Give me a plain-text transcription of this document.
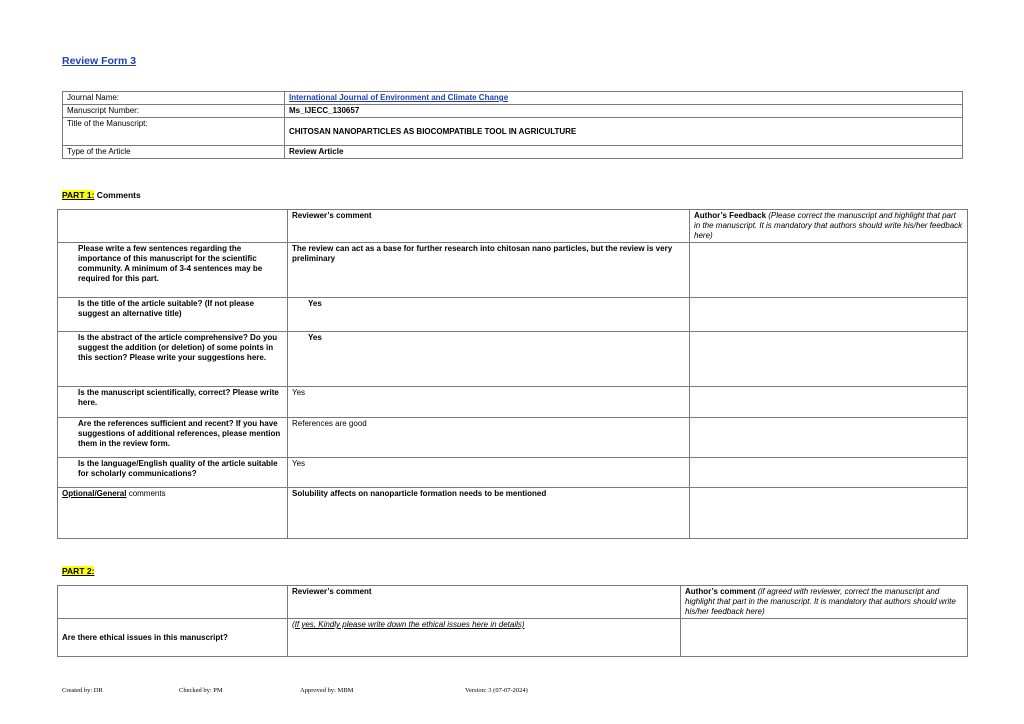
Review Form 3
Journal Name:	International Journal of Environment and Climate Change
Manuscript Number:	Ms_IJECC_130657
Title of the Manuscript:	CHITOSAN NANOPARTICLES AS BIOCOMPATIBLE TOOL IN AGRICULTURE
Type of the Article	Review Article
PART 1: Comments
	Reviewer’s comment	Author’s Feedback (Please correct the manuscript and highlight that part in the manuscript. It is mandatory that authors should write his/her feedback here)
Please write a few sentences regarding the importance of this manuscript for the scientific community. A minimum of 3-4 sentences may be required for this part.	The review can act as a base for further research into chitosan nano particles, but the review is very preliminary	
Is the title of the article suitable? (If not please suggest an alternative title)	Yes	
Is the abstract of the article comprehensive? Do you suggest the addition (or deletion) of some points in this section? Please write your suggestions here.	Yes	
Is the manuscript scientifically, correct? Please write here.	Yes	
Are the references sufficient and recent? If you have suggestions of additional references, please mention them in the review form.	References are good	
Is the language/English quality of the article suitable for scholarly communications?	Yes	
Optional/General comments	Solubility affects on nanoparticle formation needs to be mentioned	
PART 2:
	Reviewer’s comment	Author’s comment (if agreed with reviewer, correct the manuscript and highlight that part in the manuscript. It is mandatory that authors should write his/her feedback here)
Are there ethical issues in this manuscript?	(If yes, Kindly please write down the ethical issues here in details)	
Created by: DR	Checked by: PM	Approved by: MBM	Version: 3 (07-07-2024)
